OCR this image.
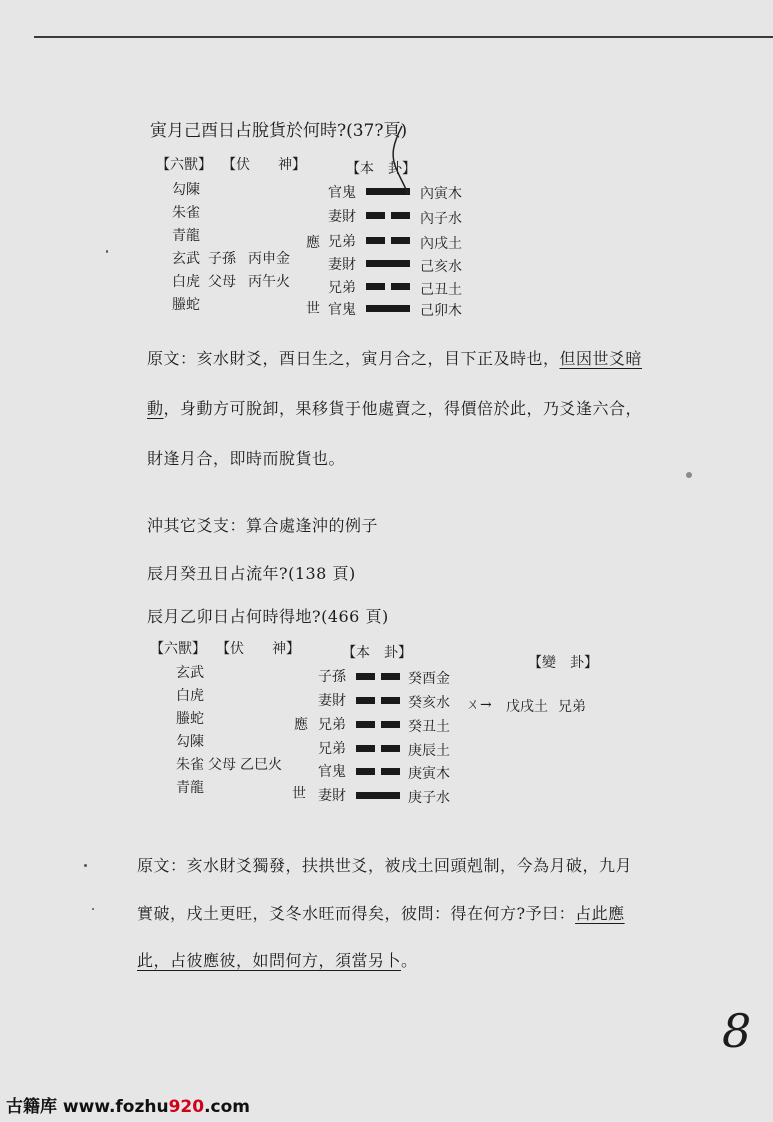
寅月己酉日占脫貨於何時?(37?頁)
【六獸】 【伏　　神】	【本　卦】
勾陳
朱雀
青龍
玄武
白虎
螣蛇
子孫 丙申金
父母 丙午火
應
世
官鬼
妻財
兄弟
妻財
兄弟
官鬼
內寅木
內子水
內戌土
己亥水
己丑土
己卯木
原文：亥水財爻，酉日生之，寅月合之，目下正及時也，但因世爻暗
動，身動方可脫卸，果移貨于他處賣之，得價倍於此，乃爻逢六合，
財逢月合，即時而脫貨也。
沖其它爻支：算合處逢沖的例子
辰月癸丑日占流年?(138 頁)
辰月乙卯日占何時得地?(466 頁)
【六獸】 【伏　　神】	【本　卦】
【變　卦】
玄武
白虎
螣蛇
勾陳
朱雀
青龍
父母 乙巳火
應
世
子孫
妻財
兄弟
兄弟
官鬼
妻財
癸酉金
癸亥水
癸丑土
庚辰土
庚寅木
庚子水
ㄨ→ 戊戌土 兄弟
原文：亥水財爻獨發，扶拱世爻，被戌土回頭剋制，今為月破，九月
實破，戌土更旺，爻冬水旺而得矣，彼問：得在何方?予曰：占此應
此，占彼應彼，如問何方，須當另卜。
8
古籍库 www.fozhu920.com
